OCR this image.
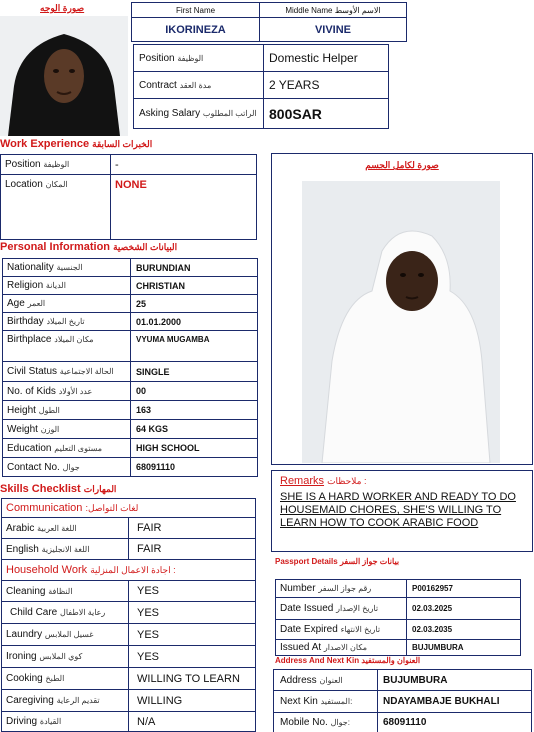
صورة الوجه	First Name	Middle Name الاسم الأوسط
IKORINEZA	VIVINE
Position الوظيفة	Domestic Helper
Contract مدة العقد	2 YEARS
Asking Salary الراتب المطلوب	800SAR
Work Experience الخبرات السابقة
Position الوظيفة	-
Location المكان	NONE
Personal Information البيانات الشخصية
Nationality الجنسية	BURUNDIAN
Religion الديانة	CHRISTIAN
Age العمر	25
Birthday تاريخ الميلاد	01.01.2000
Birthplace مكان الميلاد	VYUMA MUGAMBA
Civil Status الحالة الاجتماعية	SINGLE
No. of Kids عدد الأولاد	00
Height الطول	163
Weight الوزن	64 KGS
Education مستوى التعليم	HIGH SCHOOL
Contact No. جوال	68091110
Skills Checklist المهارات
Communication :لغات التواصل	
Arabic اللغة العربية	FAIR
English اللغة الانجليزية	FAIR
Household Work اجادة الاعمال المنزلية :	
Cleaning النظافة	YES
Child Care رعاية الاطفال	YES
Laundry غسيل الملابس	YES
Ironing كوي الملابس	YES
Cooking الطبخ	WILLING TO LEARN
Caregiving تقديم الرعاية	WILLING
Driving القيادة	N/A
صورة لكامل الجسم
Remarks ملاحظات :
SHE IS A HARD WORKER AND READY TO DO HOUSEMAID CHORES, SHE'S WILLING TO LEARN HOW TO COOK ARABIC FOOD
Passport Details بيانات جواز السفر
Number رقم جواز السفر	P00162957
Date Issued تاريخ الإصدار	02.03.2025
Date Expired تاريخ الانتهاء	02.03.2035
Issued At مكان الاصدار	BUJUMBURA
Address And Next Kin العنوان والمستفيد
Address العنوان	BUJUMBURA
Next Kin المستفيد:	NDAYAMBAJE BUKHALI
Mobile No. جوال:	68091110
